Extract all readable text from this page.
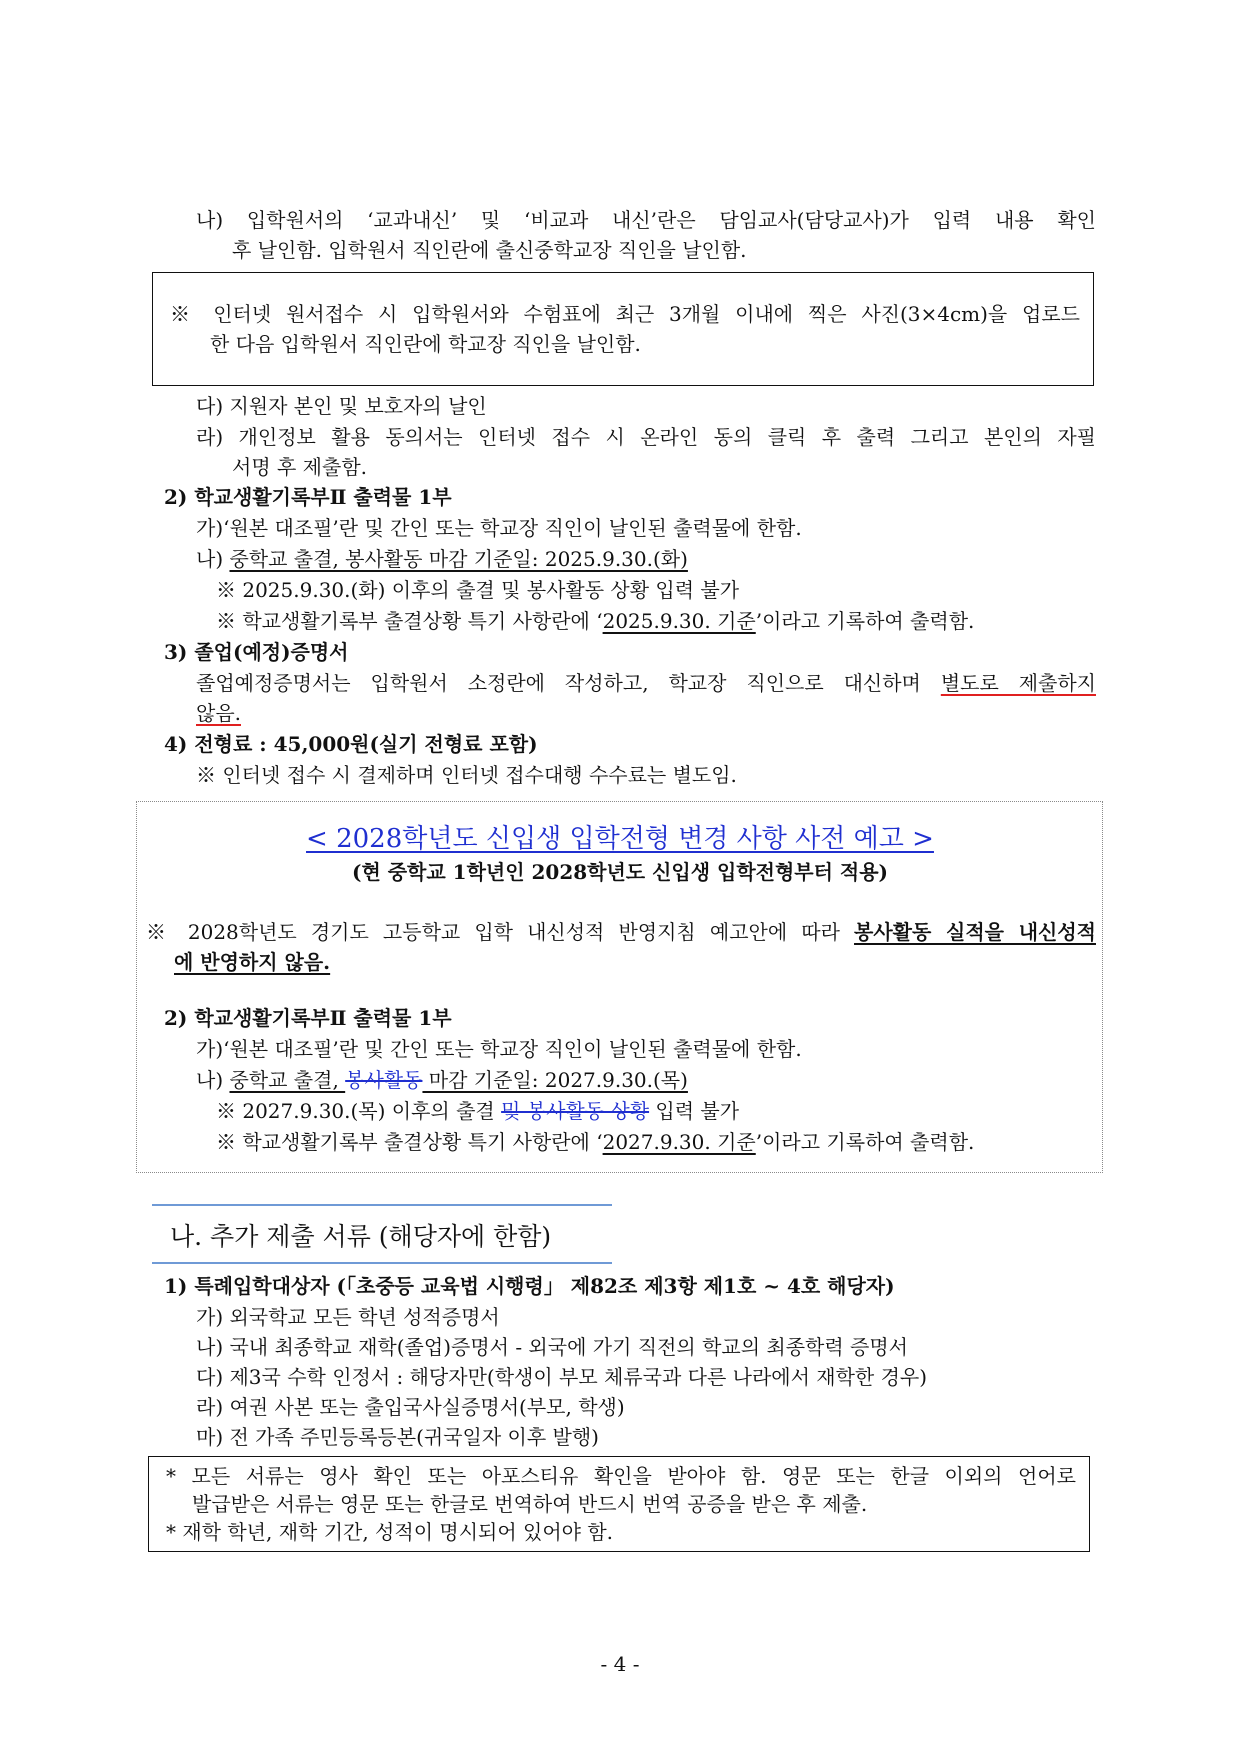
나) 입학원서의 ‘교과내신’ 및 ‘비교과 내신’란은 담임교사(담당교사)가 입력 내용 확인
후 날인함. 입학원서 직인란에 출신중학교장 직인을 날인함.
※ 인터넷 원서접수 시 입학원서와 수험표에 최근 3개월 이내에 찍은 사진(3×4cm)을 업로드
한 다음 입학원서 직인란에 학교장 직인을 날인함.
다) 지원자 본인 및 보호자의 날인
라) 개인정보 활용 동의서는 인터넷 접수 시 온라인 동의 클릭 후 출력 그리고 본인의 자필
서명 후 제출함.
2) 학교생활기록부Ⅱ 출력물 1부
가)‘원본 대조필’란 및 간인 또는 학교장 직인이 날인된 출력물에 한함.
나) 중학교 출결, 봉사활동 마감 기준일: 2025.9.30.(화)
※ 2025.9.30.(화) 이후의 출결 및 봉사활동 상황 입력 불가
※ 학교생활기록부 출결상황 특기 사항란에 ‘2025.9.30. 기준’이라고 기록하여 출력함.
3) 졸업(예정)증명서
졸업예정증명서는 입학원서 소정란에 작성하고, 학교장 직인으로 대신하며 별도로 제출하지
않음.
4) 전형료 : 45,000원(실기 전형료 포함)
※ 인터넷 접수 시 결제하며 인터넷 접수대행 수수료는 별도임.
< 2028학년도 신입생 입학전형 변경 사항 사전 예고 >
(현 중학교 1학년인 2028학년도 신입생 입학전형부터 적용)
※ 2028학년도 경기도 고등학교 입학 내신성적 반영지침 예고안에 따라 봉사활동 실적을 내신성적
에 반영하지 않음.
2) 학교생활기록부Ⅱ 출력물 1부
가)‘원본 대조필’란 및 간인 또는 학교장 직인이 날인된 출력물에 한함.
나) 중학교 출결, 봉사활동 마감 기준일: 2027.9.30.(목)
※ 2027.9.30.(목) 이후의 출결 및 봉사활동 상황 입력 불가
※ 학교생활기록부 출결상황 특기 사항란에 ‘2027.9.30. 기준’이라고 기록하여 출력함.
나. 추가 제출 서류 (해당자에 한함)
1) 특례입학대상자 (「초중등 교육법 시행령」 제82조 제3항 제1호 ~ 4호 해당자)
가) 외국학교 모든 학년 성적증명서
나) 국내 최종학교 재학(졸업)증명서 - 외국에 가기 직전의 학교의 최종학력 증명서
다) 제3국 수학 인정서 : 해당자만(학생이 부모 체류국과 다른 나라에서 재학한 경우)
라) 여권 사본 또는 출입국사실증명서(부모, 학생)
마) 전 가족 주민등록등본(귀국일자 이후 발행)
* 모든 서류는 영사 확인 또는 아포스티유 확인을 받아야 함. 영문 또는 한글 이외의 언어로
발급받은 서류는 영문 또는 한글로 번역하여 반드시 번역 공증을 받은 후 제출.
* 재학 학년, 재학 기간, 성적이 명시되어 있어야 함.
- 4 -
